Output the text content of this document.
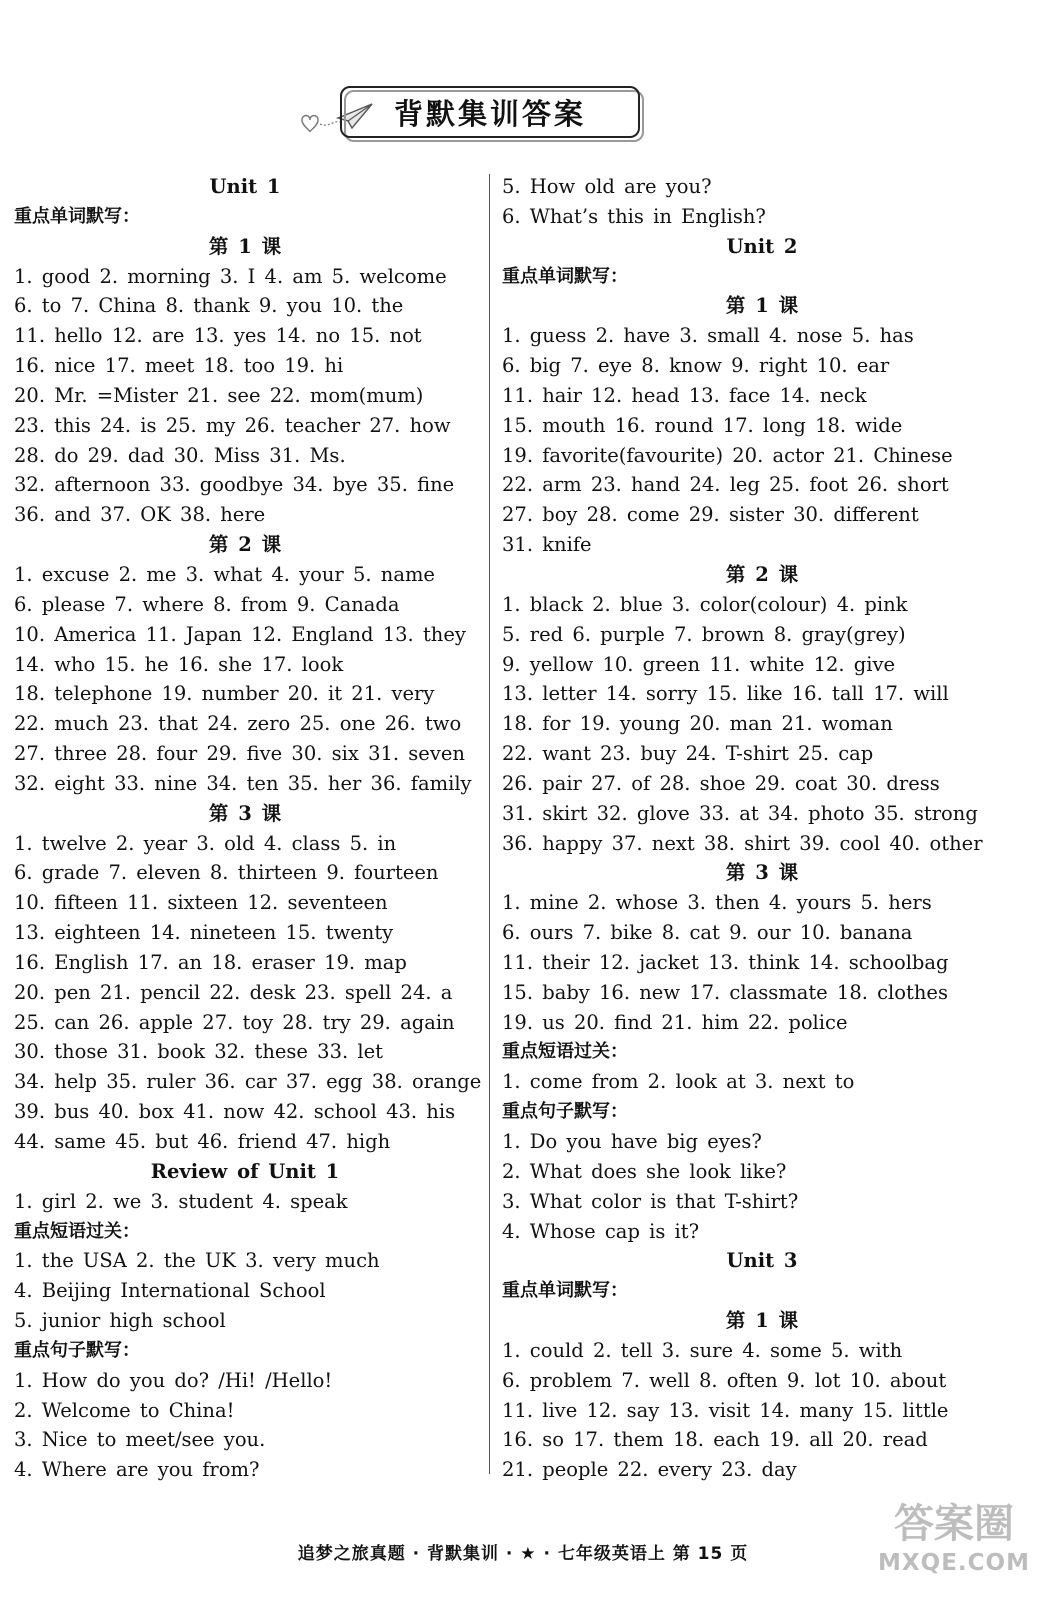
背默集训答案
Unit 1
重点单词默写：
第 1 课
1. good 2. morning 3. I 4. am 5. welcome
6. to 7. China 8. thank 9. you 10. the
11. hello 12. are 13. yes 14. no 15. not
16. nice 17. meet 18. too 19. hi
20. Mr. =Mister 21. see 22. mom(mum)
23. this 24. is 25. my 26. teacher 27. how
28. do 29. dad 30. Miss 31. Ms.
32. afternoon 33. goodbye 34. bye 35. fine
36. and 37. OK 38. here
第 2 课
1. excuse 2. me 3. what 4. your 5. name
6. please 7. where 8. from 9. Canada
10. America 11. Japan 12. England 13. they
14. who 15. he 16. she 17. look
18. telephone 19. number 20. it 21. very
22. much 23. that 24. zero 25. one 26. two
27. three 28. four 29. five 30. six 31. seven
32. eight 33. nine 34. ten 35. her 36. family
第 3 课
1. twelve 2. year 3. old 4. class 5. in
6. grade 7. eleven 8. thirteen 9. fourteen
10. fifteen 11. sixteen 12. seventeen
13. eighteen 14. nineteen 15. twenty
16. English 17. an 18. eraser 19. map
20. pen 21. pencil 22. desk 23. spell 24. a
25. can 26. apple 27. toy 28. try 29. again
30. those 31. book 32. these 33. let
34. help 35. ruler 36. car 37. egg 38. orange
39. bus 40. box 41. now 42. school 43. his
44. same 45. but 46. friend 47. high
Review of Unit 1
1. girl 2. we 3. student 4. speak
重点短语过关：
1. the USA 2. the UK 3. very much
4. Beijing International School
5. junior high school
重点句子默写：
1. How do you do? /Hi! /Hello!
2. Welcome to China!
3. Nice to meet/see you.
4. Where are you from?
5. How old are you?
6. What’s this in English?
Unit 2
重点单词默写：
第 1 课
1. guess 2. have 3. small 4. nose 5. has
6. big 7. eye 8. know 9. right 10. ear
11. hair 12. head 13. face 14. neck
15. mouth 16. round 17. long 18. wide
19. favorite(favourite) 20. actor 21. Chinese
22. arm 23. hand 24. leg 25. foot 26. short
27. boy 28. come 29. sister 30. different
31. knife
第 2 课
1. black 2. blue 3. color(colour) 4. pink
5. red 6. purple 7. brown 8. gray(grey)
9. yellow 10. green 11. white 12. give
13. letter 14. sorry 15. like 16. tall 17. will
18. for 19. young 20. man 21. woman
22. want 23. buy 24. T-shirt 25. cap
26. pair 27. of 28. shoe 29. coat 30. dress
31. skirt 32. glove 33. at 34. photo 35. strong
36. happy 37. next 38. shirt 39. cool 40. other
第 3 课
1. mine 2. whose 3. then 4. yours 5. hers
6. ours 7. bike 8. cat 9. our 10. banana
11. their 12. jacket 13. think 14. schoolbag
15. baby 16. new 17. classmate 18. clothes
19. us 20. find 21. him 22. police
重点短语过关：
1. come from 2. look at 3. next to
重点句子默写：
1. Do you have big eyes?
2. What does she look like?
3. What color is that T-shirt?
4. Whose cap is it?
Unit 3
重点单词默写：
第 1 课
1. could 2. tell 3. sure 4. some 5. with
6. problem 7. well 8. often 9. lot 10. about
11. live 12. say 13. visit 14. many 15. little
16. so 17. them 18. each 19. all 20. read
21. people 22. every 23. day
追梦之旅真题 · 背默集训 · ★ · 七年级英语上 第 15 页
答案圈
MXQE.COM
